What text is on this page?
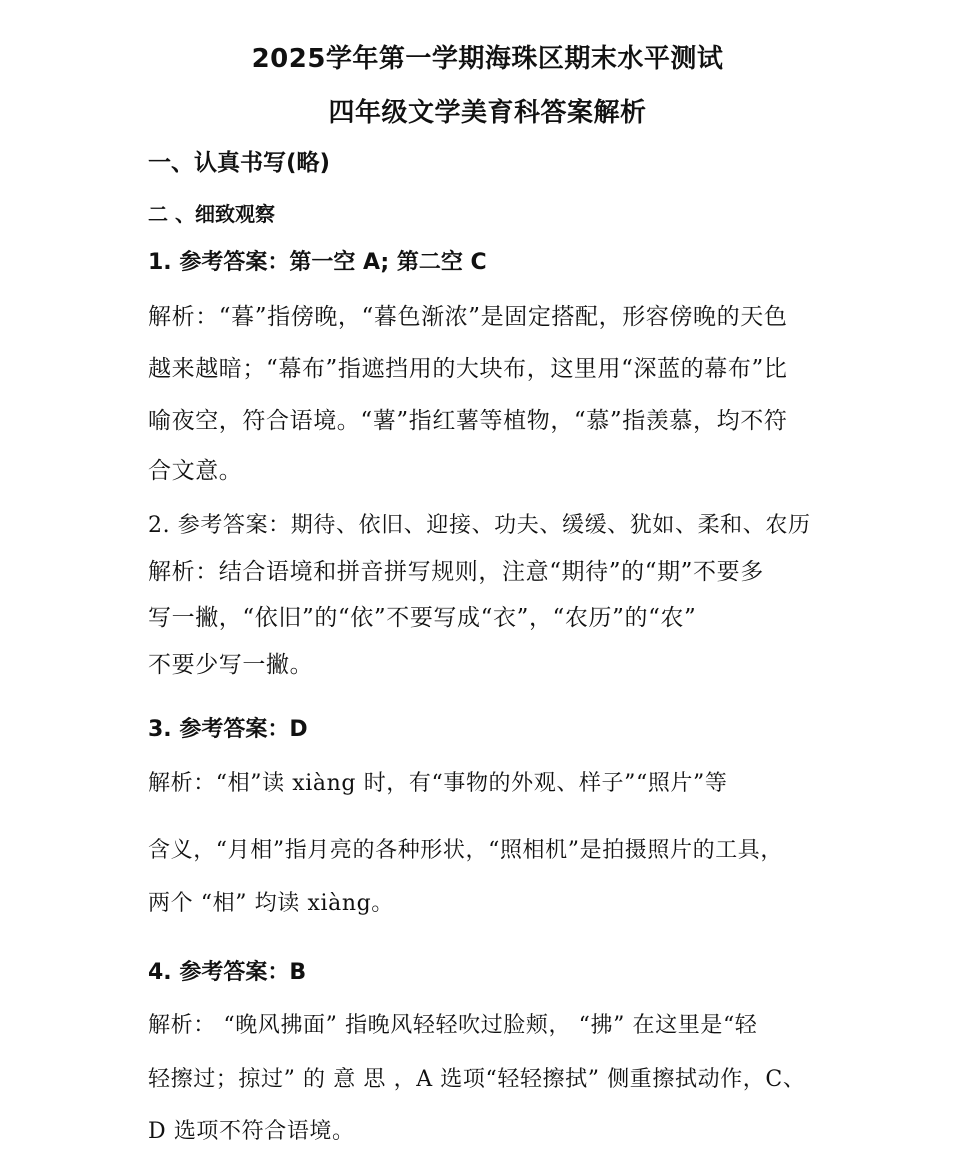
2025学年第一学期海珠区期末水平测试
四年级文学美育科答案解析
一、认真书写(略)
二 、细致观察
1. 参考答案：第一空 A; 第二空 C
解析：“暮”指傍晚，“暮色渐浓”是固定搭配，形容傍晚的天色
越来越暗；“幕布”指遮挡用的大块布，这里用“深蓝的幕布”比
喻夜空，符合语境。“薯”指红薯等植物，“慕”指羡慕，均不符
合文意。
2. 参考答案：期待、依旧、迎接、功夫、缓缓、犹如、柔和、农历
解析：结合语境和拼音拼写规则，注意“期待”的“期”不要多
写一撇，“依旧”的“依”不要写成“衣”，“农历”的“农”
不要少写一撇。
3. 参考答案：D
解析：“相”读 xiàng 时，有“事物的外观、样子”“照片”等
含义，“月相”指月亮的各种形状，“照相机”是拍摄照片的工具，
两个 “相” 均读 xiàng。
4. 参考答案：B
解析： “晚风拂面” 指晚风轻轻吹过脸颊， “拂” 在这里是“轻
轻擦过；掠过” 的 意 思 ，A 选项“轻轻擦拭” 侧重擦拭动作，C、
D 选项不符合语境。
